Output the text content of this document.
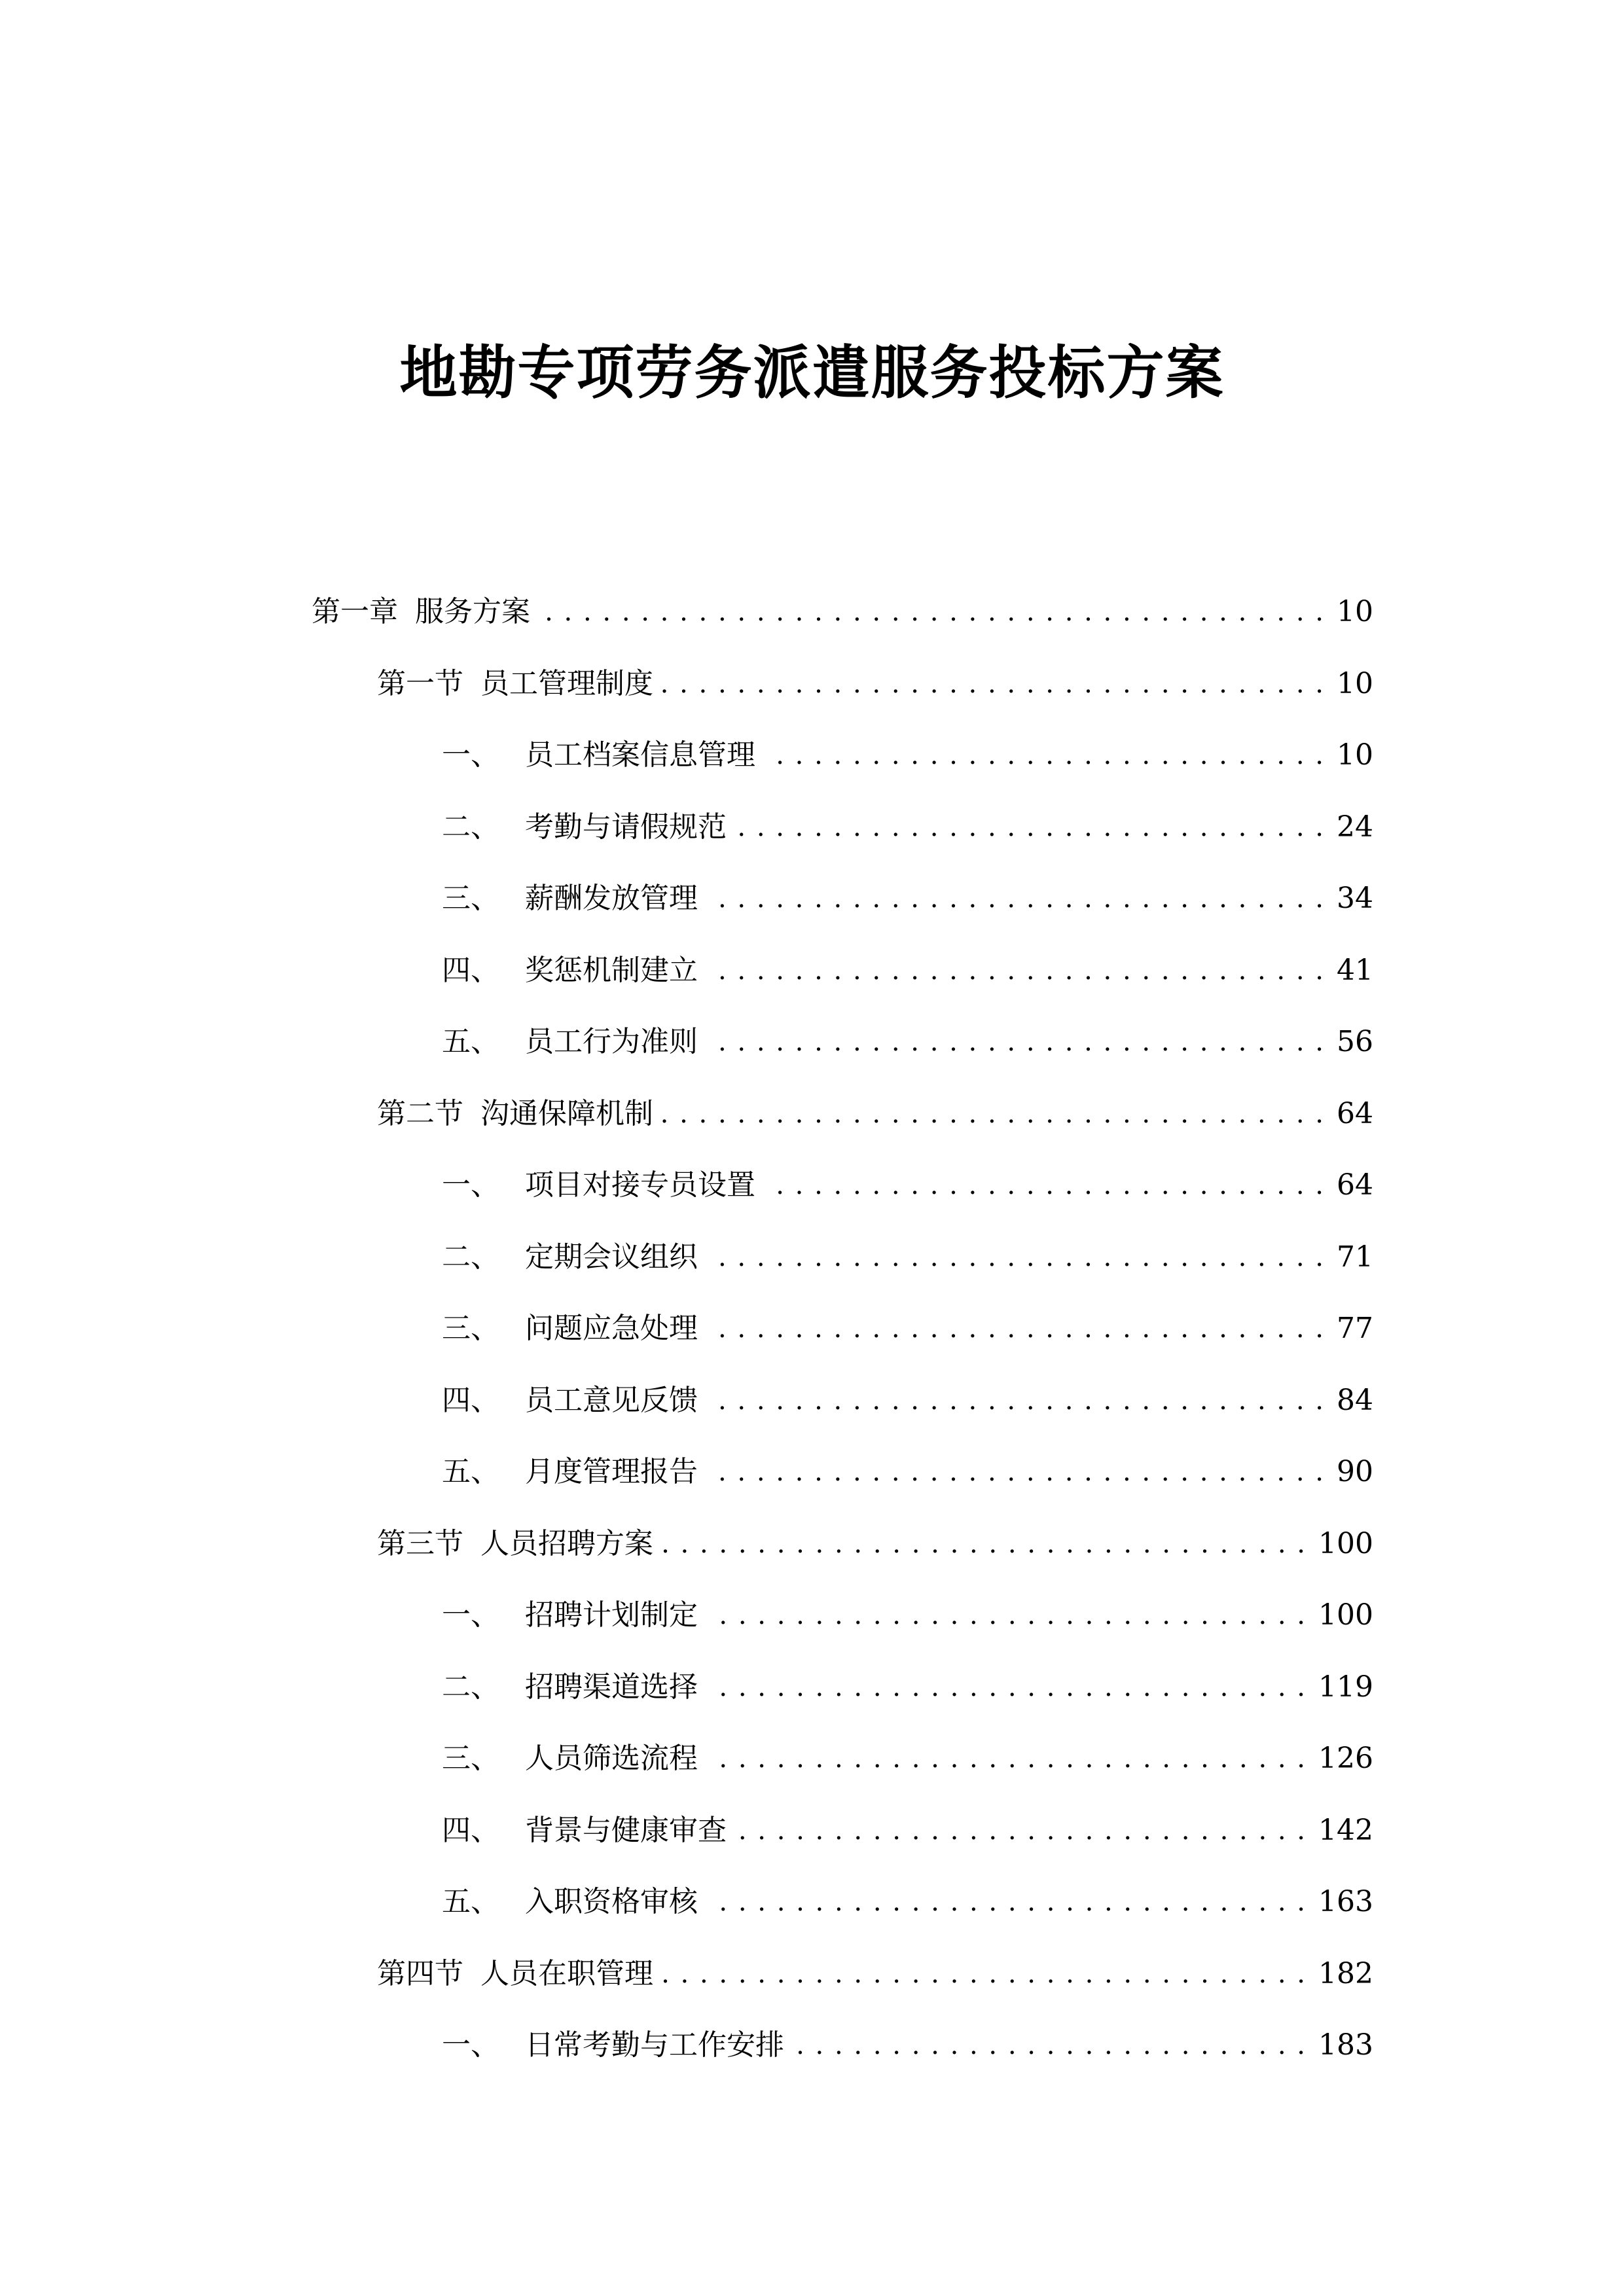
地勘专项劳务派遣服务投标方案
第一章 服务方案 . . .	10
第一节 员工管理制度 . . .	10
一、 员工档案信息管理 . . .	10
二、 考勤与请假规范 . . .	24
三、 薪酬发放管理 . . .	34
四、 奖惩机制建立 . . .	41
五、 员工行为准则 . . .	56
第二节 沟通保障机制 . . .	64
一、 项目对接专员设置 . . .	64
二、 定期会议组织 . . .	71
三、 问题应急处理 . . .	77
四、 员工意见反馈 . . .	84
五、 月度管理报告 . . .	90
第三节 人员招聘方案 . . .	100
一、 招聘计划制定 . . .	100
二、 招聘渠道选择 . . .	119
三、 人员筛选流程 . . .	126
四、 背景与健康审查 . . .	142
五、 入职资格审核 . . .	163
第四节 人员在职管理 . . .	182
一、 日常考勤与工作安排 . . .	183
